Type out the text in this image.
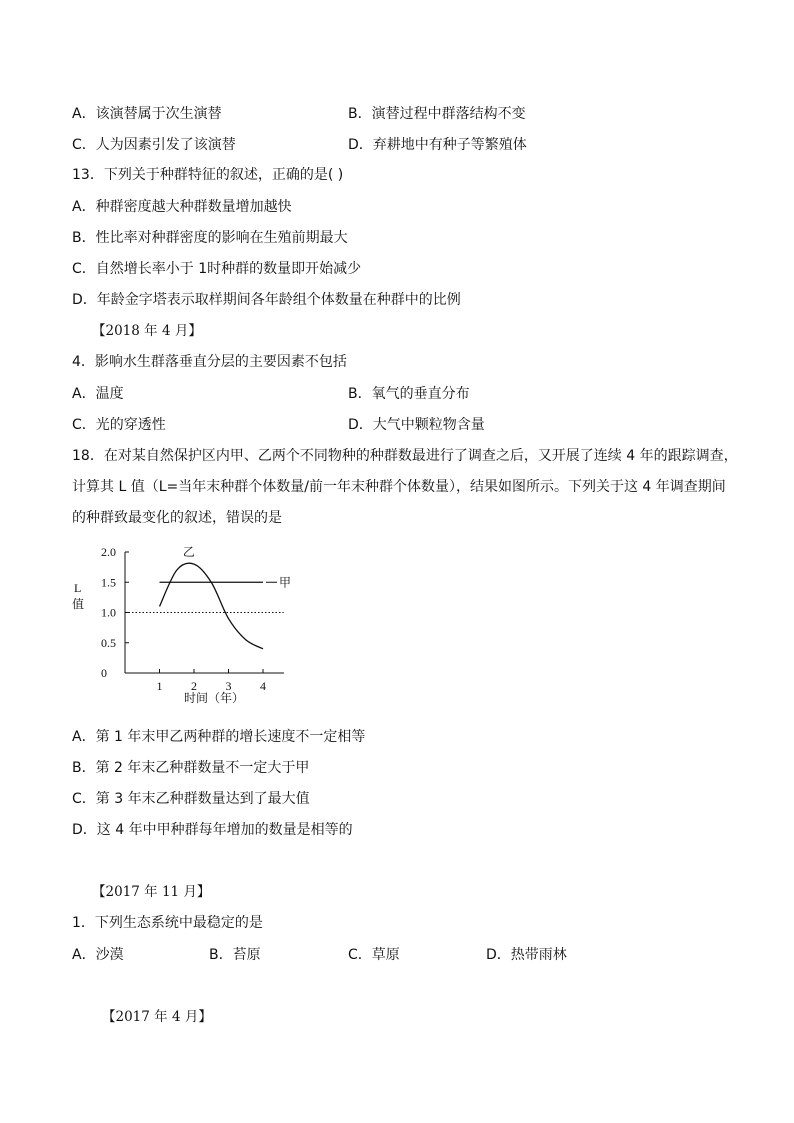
A．该演替属于次生演替	B．演替过程中群落结构不变
C．人为因素引发了该演替	D．弃耕地中有种子等繁殖体
13．下列关于种群特征的叙述，正确的是( )
A．种群密度越大种群数量增加越快
B．性比率对种群密度的影响在生殖前期最大
C．自然增长率小于 1时种群的数量即开始减少
D．年龄金字塔表示取样期间各年龄组个体数量在种群中的比例
【2018 年 4 月】
4．影响水生群落垂直分层的主要因素不包括
A．温度	B．氧气的垂直分布
C．光的穿透性	D．大气中颗粒物含量
18．在对某自然保护区内甲、乙两个不同物种的种群数最进行了调查之后，又开展了连续 4 年的跟踪调查，
计算其 L 值（L=当年末种群个体数量/前一年末种群个体数量），结果如图所示。下列关于这 4 年调查期间
的种群致最变化的叙述，错误的是
2.0
1.5
1.0
0.5
0
1 2 3 4
甲
乙
L
值
时间（年）
A．第 1 年末甲乙两种群的增长速度不一定相等
B．第 2 年末乙种群数量不一定大于甲
C．第 3 年末乙种群数量达到了最大值
D．这 4 年中甲种群每年增加的数量是相等的
【2017 年 11 月】
1．下列生态系统中最稳定的是
A．沙漠	B．苔原	C．草原	D．热带雨林
【2017 年 4 月】
